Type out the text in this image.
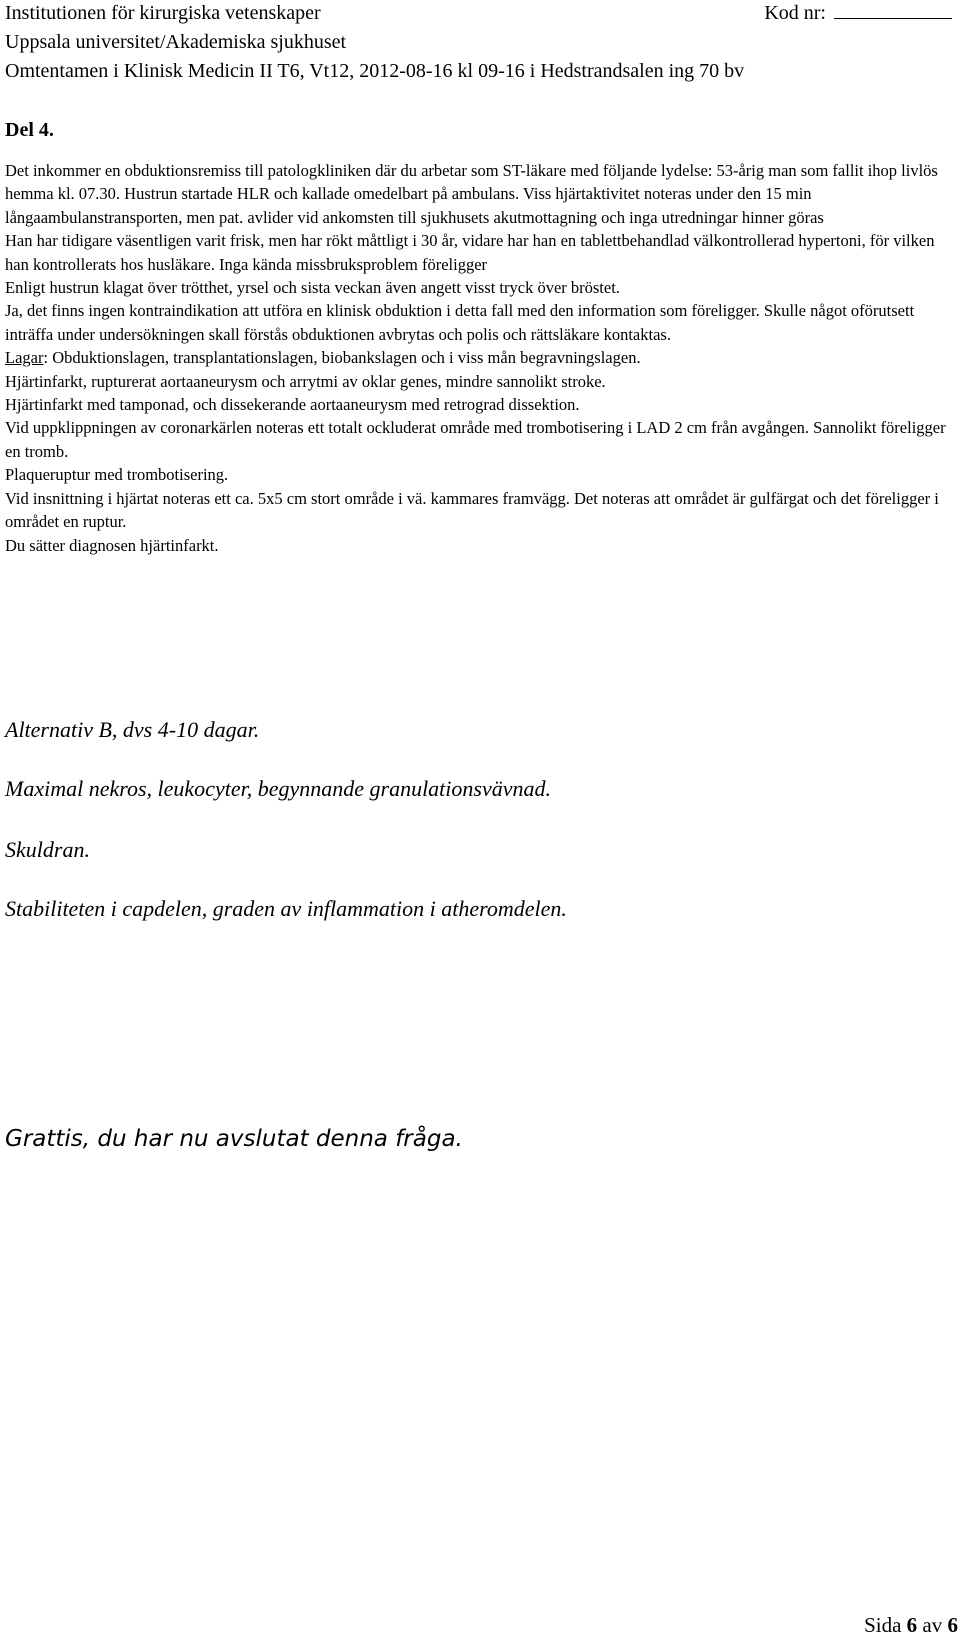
Institutionen för kirurgiska vetenskaper	Kod nr:
Uppsala universitet/Akademiska sjukhuset
Omtentamen i Klinisk Medicin II T6, Vt12, 2012-08-16 kl 09-16 i Hedstrandsalen ing 70 bv
Del 4.

Det inkommer en obduktionsremiss till patologkliniken där du arbetar som ST-läkare med följande lydelse: 53-årig man som fallit ihop livlös hemma kl. 07.30. Hustrun startade HLR och kallade omedelbart på ambulans. Viss hjärtaktivitet noteras under den 15 min långaambulanstransporten, men pat. avlider vid ankomsten till sjukhusets akutmottagning och inga utredningar hinner göras

Han har tidigare väsentligen varit frisk, men har rökt måttligt i 30 år, vidare har han en tablettbehandlad välkontrollerad hypertoni, för vilken han kontrollerats hos husläkare. Inga kända missbruksproblem föreligger

Enligt hustrun klagat över trötthet, yrsel och sista veckan även angett visst tryck över bröstet.

Ja, det finns ingen kontraindikation att utföra en klinisk obduktion i detta fall med den information som föreligger. Skulle något oförutsett inträffa under undersökningen skall förstås obduktionen avbrytas och polis och rättsläkare kontaktas.

Lagar: Obduktionslagen, transplantationslagen, biobankslagen och i viss mån begravningslagen.

Hjärtinfarkt, rupturerat aortaaneurysm och arrytmi av oklar genes, mindre sannolikt stroke.

Hjärtinfarkt med tamponad, och dissekerande aortaaneurysm med retrograd dissektion.

Vid uppklippningen av coronarkärlen noteras ett totalt ockluderat område med trombotisering i LAD 2 cm från avgången. Sannolikt föreligger en tromb.

Plaqueruptur med trombotisering.

Vid insnittning i hjärtat noteras ett ca. 5x5 cm stort område i vä. kammares framvägg. Det noteras att området är gulfärgat och det föreligger i området en ruptur.

Du sätter diagnosen hjärtinfarkt.

Alternativ B, dvs 4-10 dagar.
Maximal nekros, leukocyter, begynnande granulationsvävnad.
Skuldran.
Stabiliteten i capdelen, graden av inflammation i atheromdelen.
Grattis, du har nu avslutat denna fråga.
Sida 6 av 6
